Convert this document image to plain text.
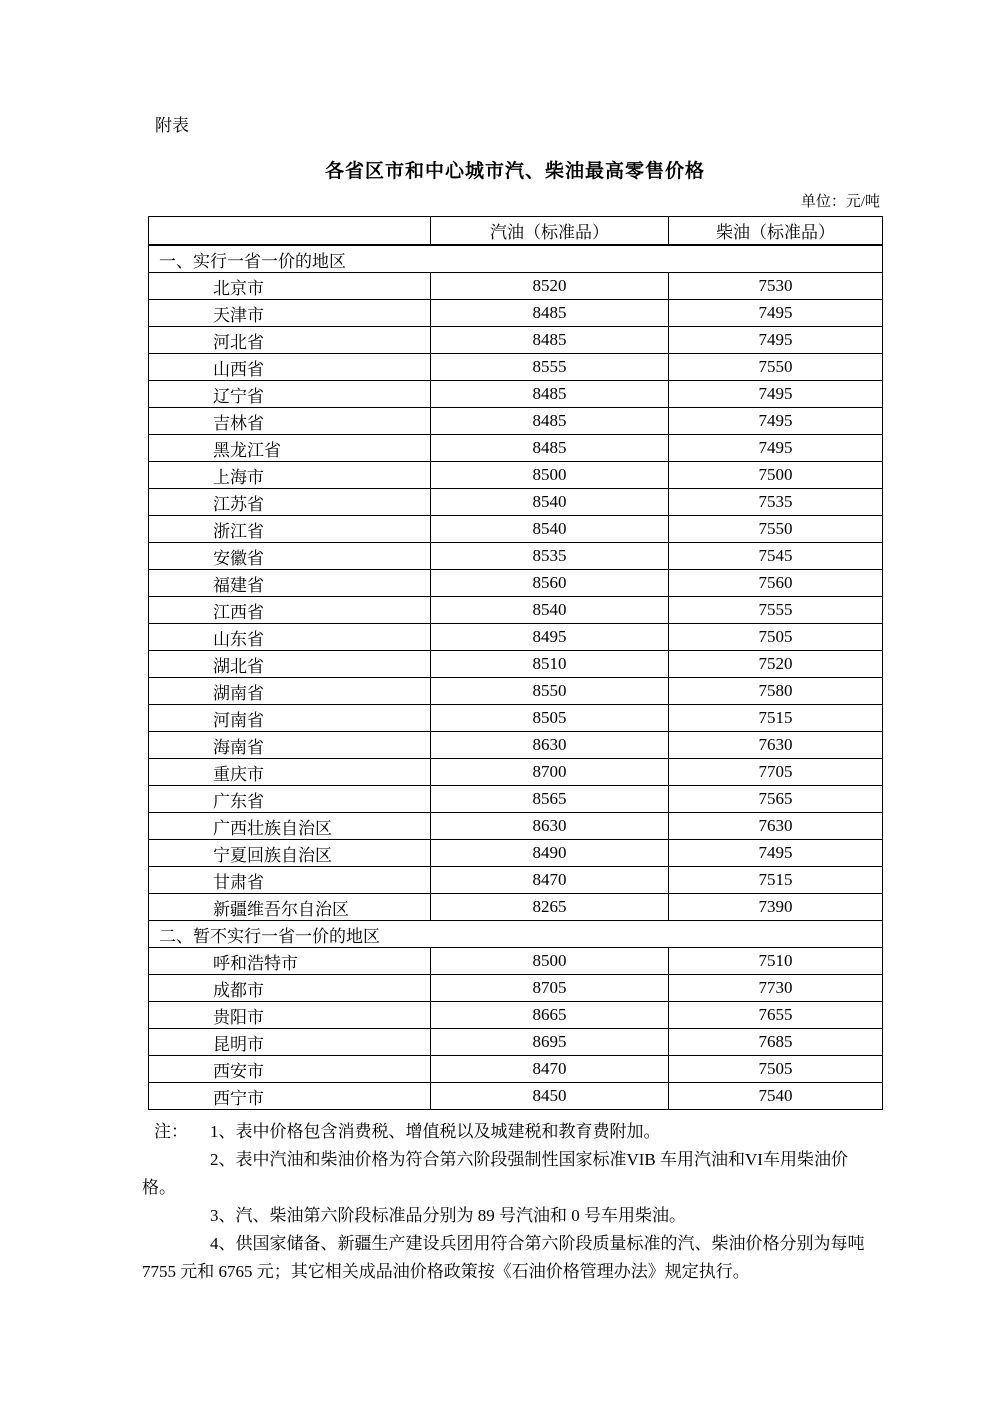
附表
各省区市和中心城市汽、柴油最高零售价格
单位：元/吨
	汽油（标准品）	柴油（标准品）
一、实行一省一价的地区		
北京市	8520	7530
天津市	8485	7495
河北省	8485	7495
山西省	8555	7550
辽宁省	8485	7495
吉林省	8485	7495
黑龙江省	8485	7495
上海市	8500	7500
江苏省	8540	7535
浙江省	8540	7550
安徽省	8535	7545
福建省	8560	7560
江西省	8540	7555
山东省	8495	7505
湖北省	8510	7520
湖南省	8550	7580
河南省	8505	7515
海南省	8630	7630
重庆市	8700	7705
广东省	8565	7565
广西壮族自治区	8630	7630
宁夏回族自治区	8490	7495
甘肃省	8470	7515
新疆维吾尔自治区	8265	7390
二、暂不实行一省一价的地区		
呼和浩特市	8500	7510
成都市	8705	7730
贵阳市	8665	7655
昆明市	8695	7685
西安市	8470	7505
西宁市	8450	7540
注： 1、表中价格包含消费税、增值税以及城建税和教育费附加。
2、表中汽油和柴油价格为符合第六阶段强制性国家标准VIB 车用汽油和VI车用柴油价
格。
3、汽、柴油第六阶段标准品分别为 89 号汽油和 0 号车用柴油。
4、供国家储备、新疆生产建设兵团用符合第六阶段质量标准的汽、柴油价格分别为每吨
7755 元和 6765 元；其它相关成品油价格政策按《石油价格管理办法》规定执行。
